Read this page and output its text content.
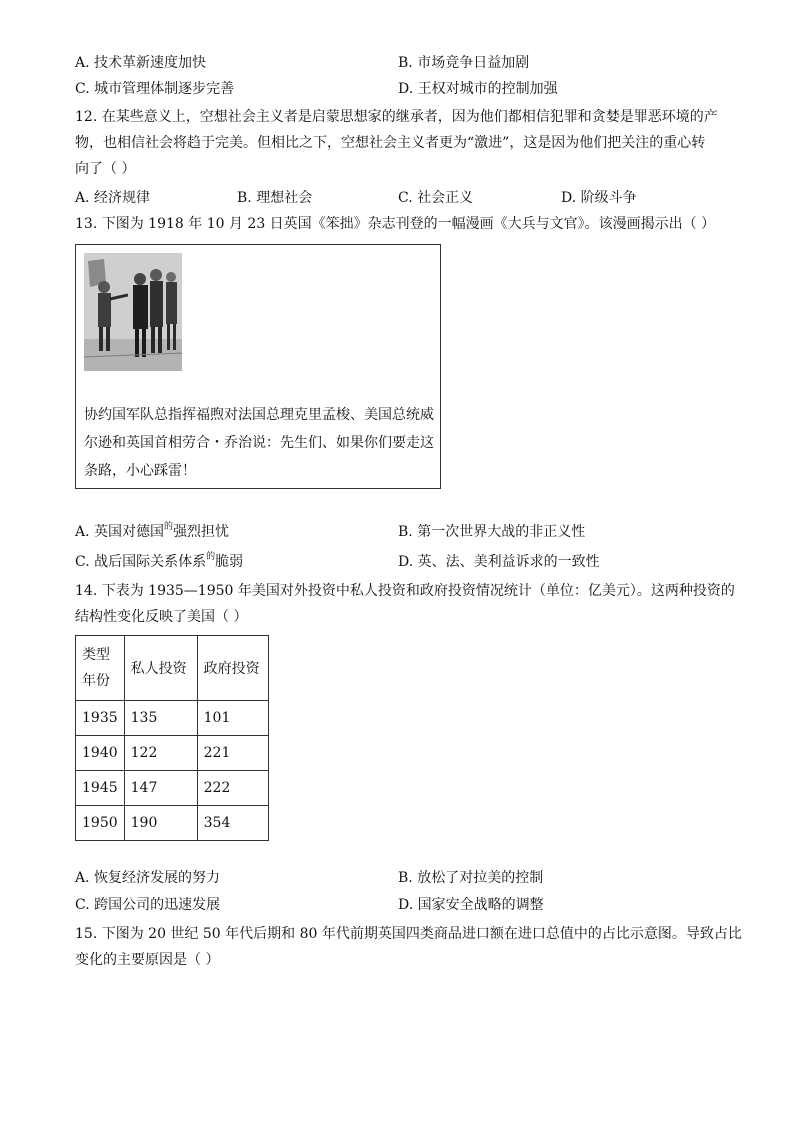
A. 技术革新速度加快	B. 市场竞争日益加剧
C. 城市管理体制逐步完善	D. 王权对城市的控制加强

12. 在某些意义上，空想社会主义者是启蒙思想家的继承者，因为他们都相信犯罪和贪婪是罪恶环境的产

物，也相信社会将趋于完美。但相比之下，空想社会主义者更为“激进”，这是因为他们把关注的重心转

向了（ ）

A. 经济规律	B. 理想社会	C. 社会正义	D. 阶级斗争
13. 下图为 1918 年 10 月 23 日英国《笨拙》杂志刊登的一幅漫画《大兵与文官》。该漫画揭示出（ ）

协约国军队总指挥福煦对法国总理克里孟梭、美国总统威

尔逊和英国首相劳合・乔治说：先生们、如果你们要走这

条路，小心踩雷！

A. 英国对德国$^的$强烈担忧	B. 第一次世界大战的非正义性
C. 战后国际关系体系$^的$脆弱	D. 英、法、美利益诉求的一致性

14. 下表为 1935—1950 年美国对外投资中私人投资和政府投资情况统计（单位：亿美元）。这两种投资的

结构性变化反映了美国（ ）

类型
年份	私人投资	政府投资
1935	135	101
1940	122	221
1945	147	222
1950	190	354
A. 恢复经济发展的努力	B. 放松了对拉美的控制
C. 跨国公司的迅速发展	D. 国家安全战略的调整

15. 下图为 20 世纪 50 年代后期和 80 年代前期英国四类商品进口额在进口总值中的占比示意图。导致占比

变化的主要原因是（ ）
